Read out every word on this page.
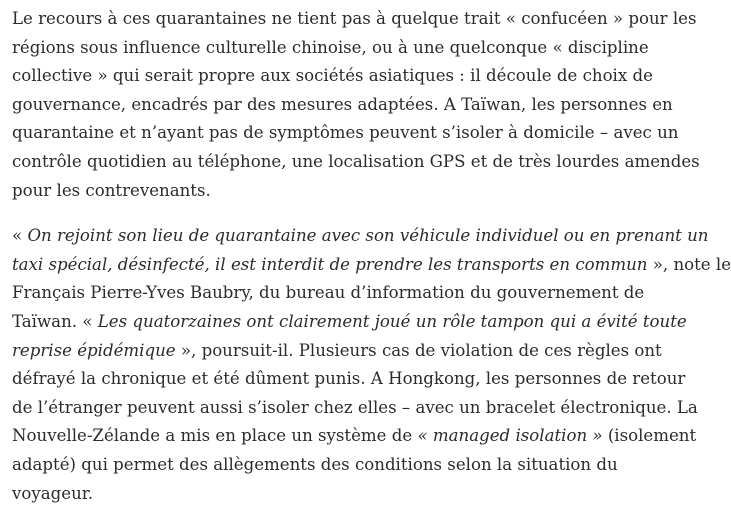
Le recours à ces quarantaines ne tient pas à quelque trait « confucéen » pour les
régions sous influence culturelle chinoise, ou à une quelconque « discipline
collective » qui serait propre aux sociétés asiatiques : il découle de choix de
gouvernance, encadrés par des mesures adaptées. A Taïwan, les personnes en
quarantaine et n’ayant pas de symptômes peuvent s’isoler à domicile – avec un
contrôle quotidien au téléphone, une localisation GPS et de très lourdes amendes
pour les contrevenants.

« On rejoint son lieu de quarantaine avec son véhicule individuel ou en prenant un
taxi spécial, désinfecté, il est interdit de prendre les transports en commun », note le
Français Pierre-Yves Baubry, du bureau d’information du gouvernement de
Taïwan. « Les quatorzaines ont clairement joué un rôle tampon qui a évité toute
reprise épidémique », poursuit-il. Plusieurs cas de violation de ces règles ont
défrayé la chronique et été dûment punis. A Hongkong, les personnes de retour
de l’étranger peuvent aussi s’isoler chez elles – avec un bracelet électronique. La
Nouvelle-Zélande a mis en place un système de « managed isolation » (isolement
adapté) qui permet des allègements des conditions selon la situation du
voyageur.
